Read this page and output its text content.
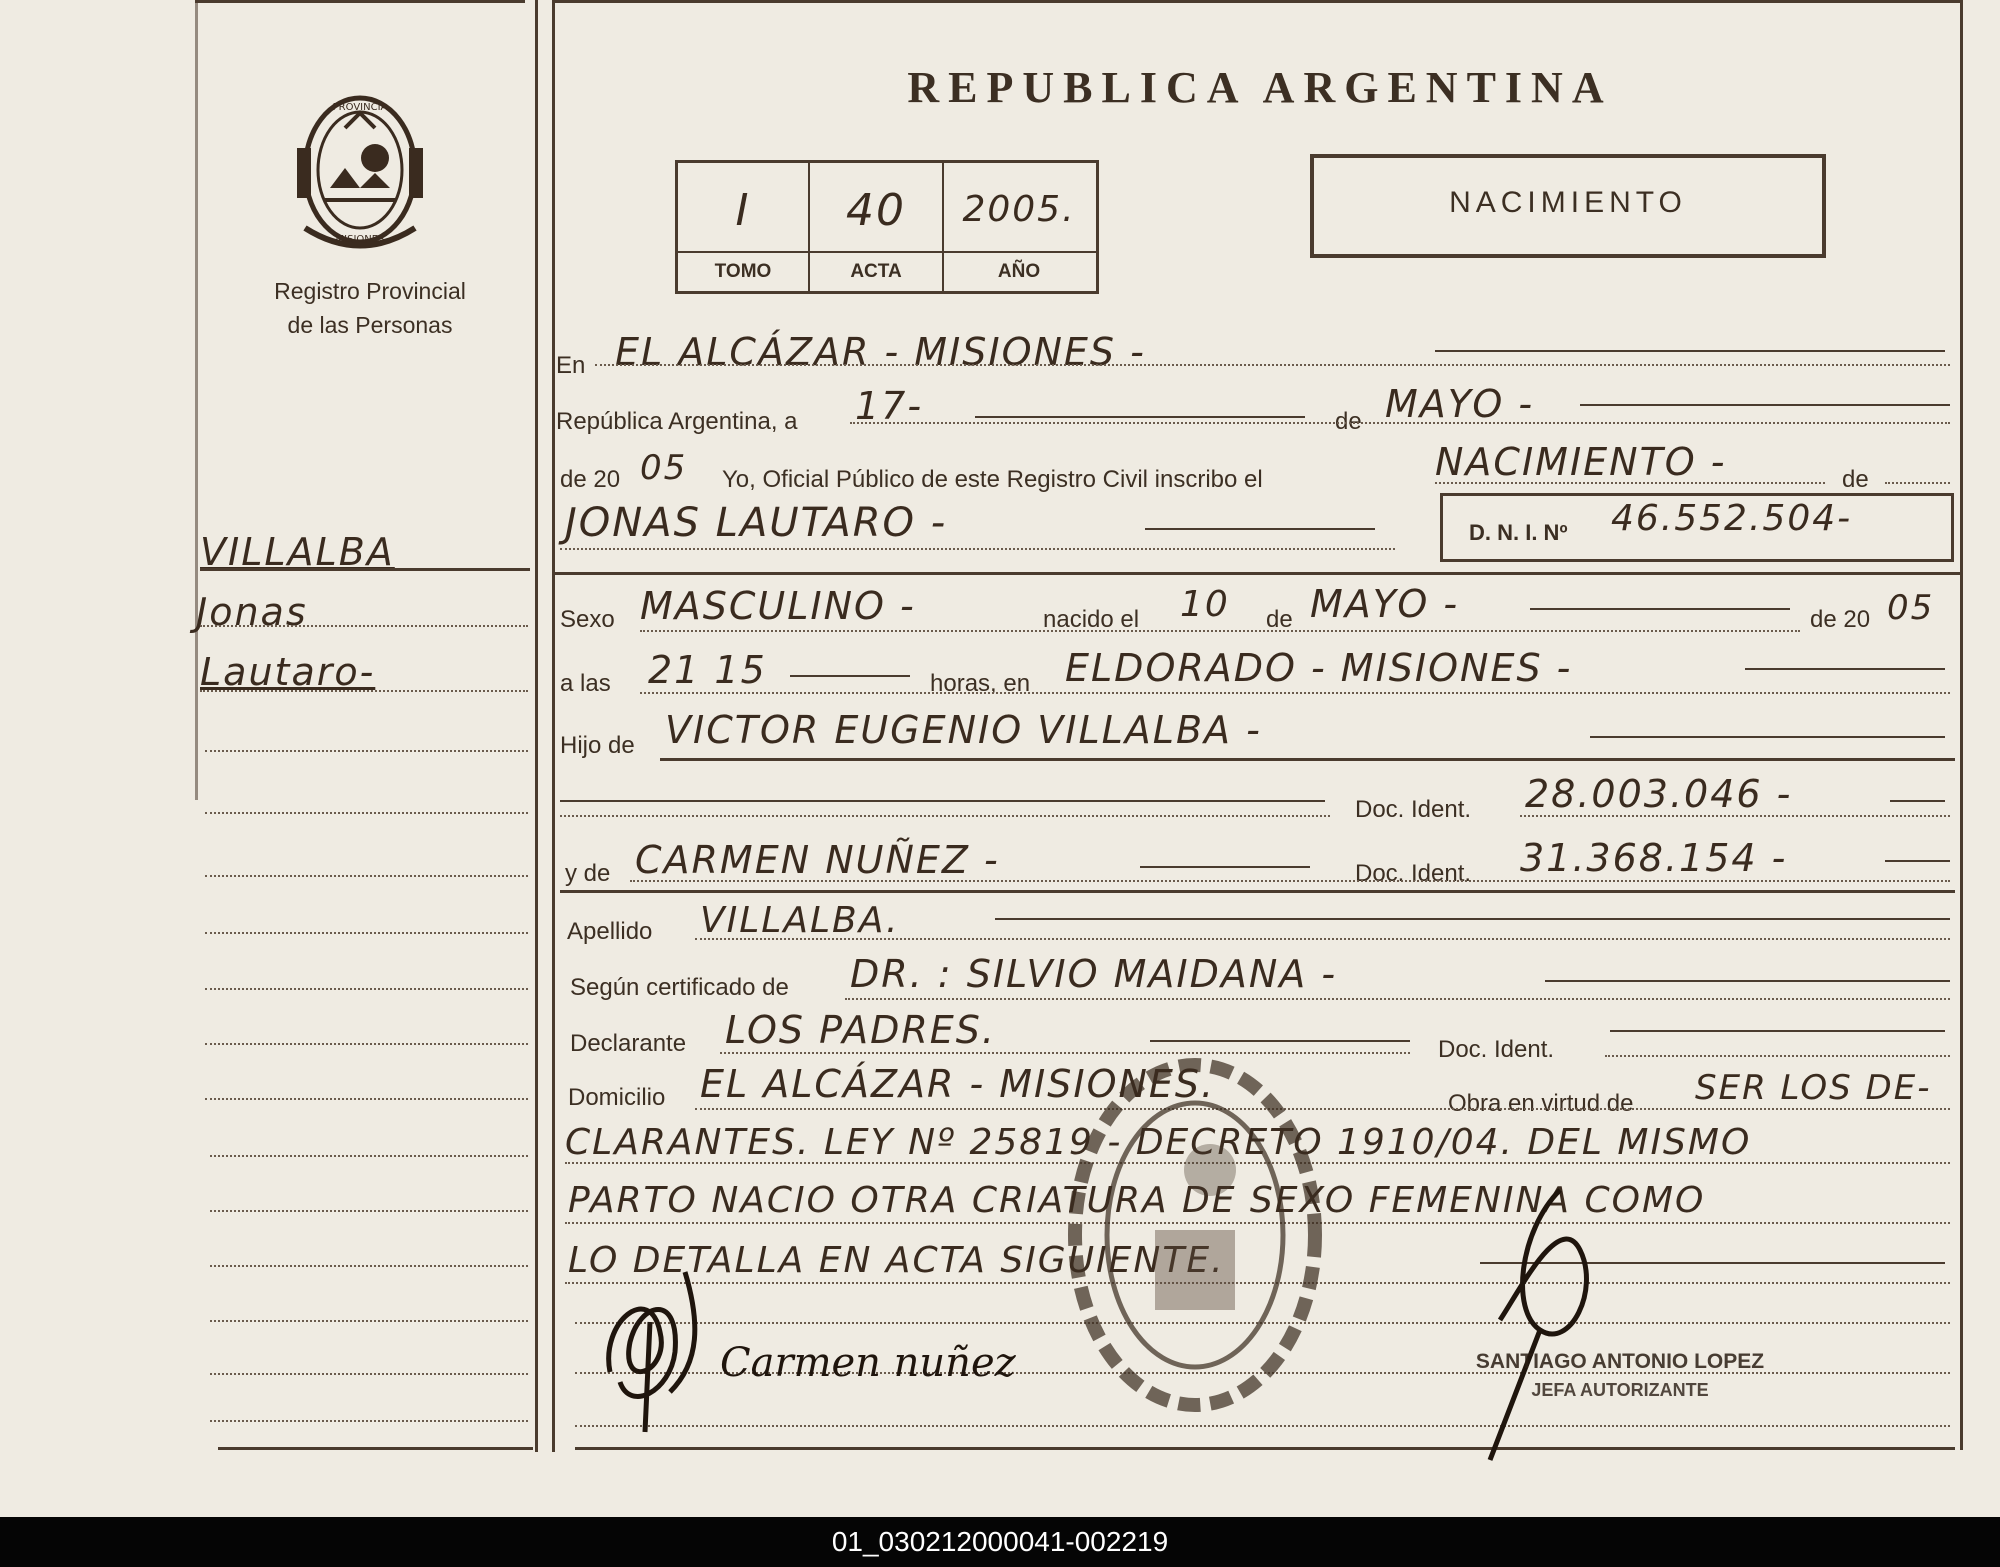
PROVINCIA
MISIONES
Registro Provincial
de las Personas
REPUBLICA ARGENTINA
I	40	2005.
TOMO	ACTA	AÑO
NACIMIENTO
VILLALBA
Jonas
Lautaro-
En EL ALCÁZAR - MISIONES -
República Argentina, a 17-	de MAYO -
de 20 05 Yo, Oficial Público de este Registro Civil inscribo el	NACIMIENTO -	de
JONAS LAUTARO -	D. N. I. Nº 46.552.504-
Sexo MASCULINO -	nacido el 10 de MAYO -	de 20 05
a las 21 15	horas, en ELDORADO - MISIONES -
Hijo de VICTOR EUGENIO VILLALBA -
Doc. Ident. 28.003.046 -
y de CARMEN NUÑEZ -	Doc. Ident. 31.368.154 -
Apellido VILLALBA.
Según certificado de DR. : SILVIO MAIDANA -
Declarante LOS PADRES.	Doc. Ident.
Domicilio EL ALCÁZAR - MISIONES.	Obra en virtud de SER LOS DE-
CLARANTES. LEY Nº 25819 - DECRETO 1910/04. DEL MISMO
PARTO NACIO OTRA CRIATURA DE SEXO FEMENINA COMO
LO DETALLA EN ACTA SIGUIENTE.
Carmen nuñez	SANTIAGO ANTONIO LOPEZ
JEFA AUTORIZANTE
01_030212000041-002219
